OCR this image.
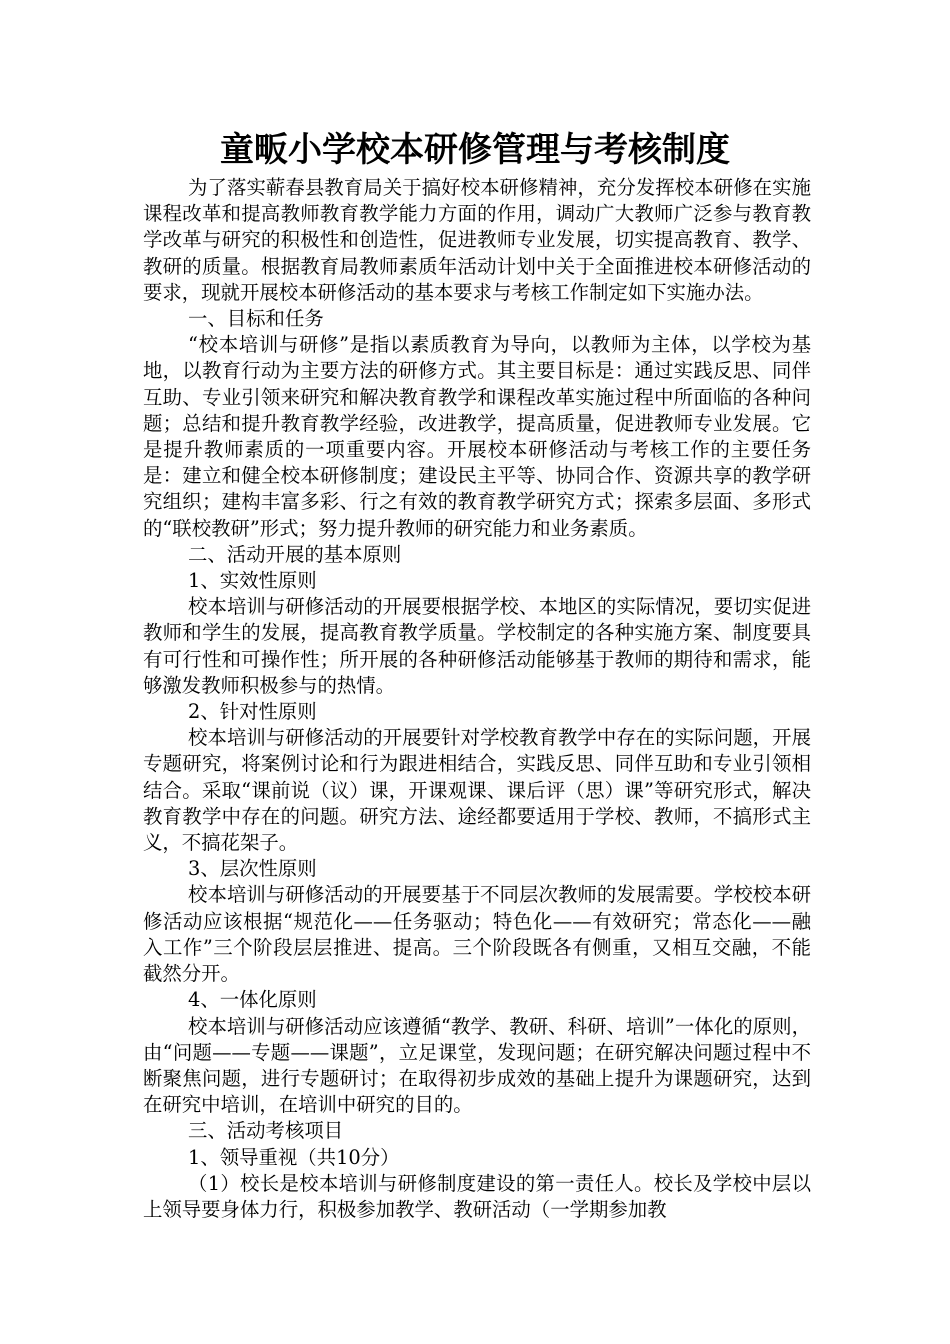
童畈小学校本研修管理与考核制度

为了落实蕲春县教育局关于搞好校本研修精神，充分发挥校本研修在实施课程改革和提高教师教育教学能力方面的作用，调动广大教师广泛参与教育教学改革与研究的积极性和创造性，促进教师专业发展，切实提高教育、教学、教研的质量。根据教育局教师素质年活动计划中关于全面推进校本研修活动的要求，现就开展校本研修活动的基本要求与考核工作制定如下实施办法。

一、目标和任务

“校本培训与研修”是指以素质教育为导向，以教师为主体，以学校为基地，以教育行动为主要方法的研修方式。其主要目标是：通过实践反思、同伴互助、专业引领来研究和解决教育教学和课程改革实施过程中所面临的各种问题；总结和提升教育教学经验，改进教学，提高质量，促进教师专业发展。它是提升教师素质的一项重要内容。开展校本研修活动与考核工作的主要任务是：建立和健全校本研修制度；建设民主平等、协同合作、资源共享的教学研究组织；建构丰富多彩、行之有效的教育教学研究方式；探索多层面、多形式的“联校教研”形式；努力提升教师的研究能力和业务素质。

二、活动开展的基本原则

1、实效性原则

校本培训与研修活动的开展要根据学校、本地区的实际情况，要切实促进教师和学生的发展，提高教育教学质量。学校制定的各种实施方案、制度要具有可行性和可操作性；所开展的各种研修活动能够基于教师的期待和需求，能够激发教师积极参与的热情。

2、针对性原则

校本培训与研修活动的开展要针对学校教育教学中存在的实际问题，开展专题研究，将案例讨论和行为跟进相结合，实践反思、同伴互助和专业引领相结合。采取“课前说（议）课，开课观课、课后评（思）课”等研究形式，解决教育教学中存在的问题。研究方法、途经都要适用于学校、教师，不搞形式主义，不搞花架子。

3、层次性原则

校本培训与研修活动的开展要基于不同层次教师的发展需要。学校校本研修活动应该根据“规范化——任务驱动；特色化——有效研究；常态化——融入工作”三个阶段层层推进、提高。三个阶段既各有侧重，又相互交融，不能截然分开。

4、一体化原则

校本培训与研修活动应该遵循“教学、教研、科研、培训”一体化的原则，由“问题——专题——课题”，立足课堂，发现问题；在研究解决问题过程中不断聚焦问题，进行专题研讨；在取得初步成效的基础上提升为课题研究，达到在研究中培训，在培训中研究的目的。

三、活动考核项目

1、领导重视（共10分）

（1）校长是校本培训与研修制度建设的第一责任人。校长及学校中层以上领导要身体力行，积极参加教学、教研活动（一学期参加教
